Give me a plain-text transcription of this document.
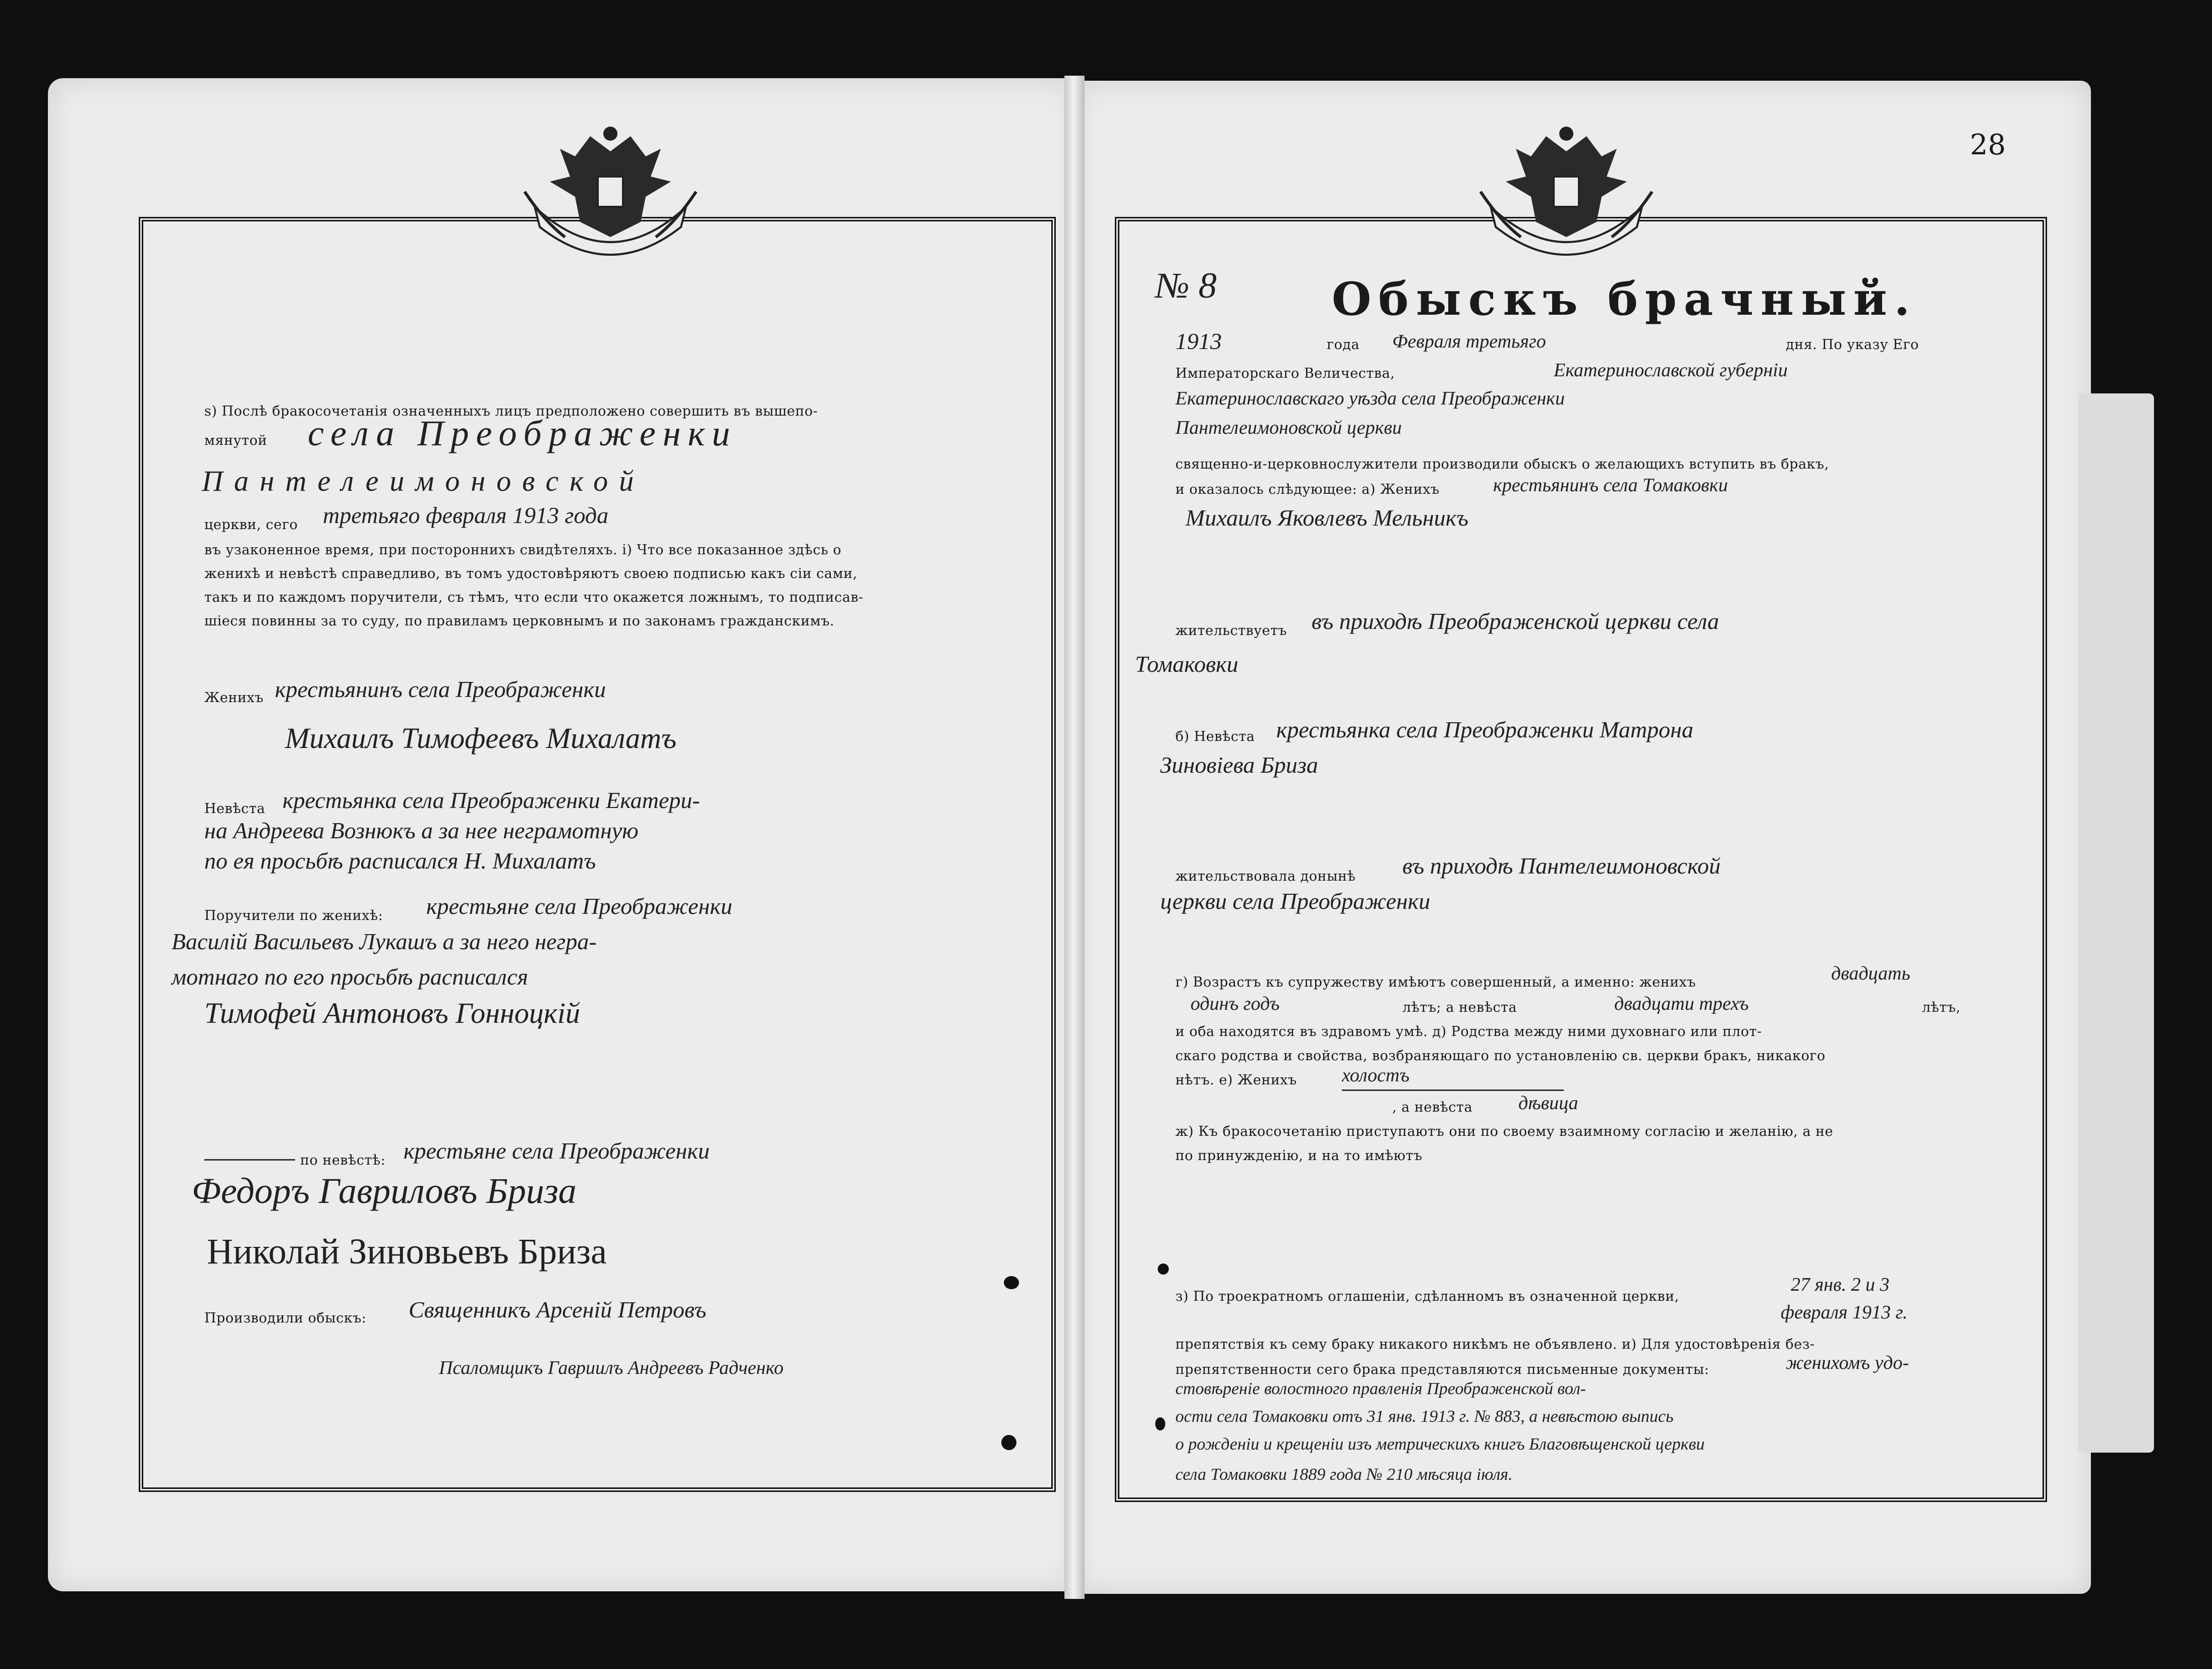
28
№ 8	Обыскъ брачный.
1913	года Февраля третьяго	дня. По указу Его
Императорскаго Величества,	Екатеринославской губерніи
Екатеринославскаго уѣзда села Преображенки
Пантелеимоновской церкви
священно-и-церковнослужители производили обыскъ о желающихъ вступить въ бракъ,
и оказалось слѣдующее: а) Женихъ	крестьянинъ села Томаковки
Михаилъ Яковлевъ Мельникъ
жительствуетъ въ приходѣ Преображенской церкви села
Томаковки
б) Невѣста крестьянка села Преображенки Матрона
Зиновіева Бриза
жительствовала донынѣ въ приходѣ Пантелеимоновской
церкви села Преображенки
г) Возрастъ къ супружеству имѣютъ совершенный, а именно: женихъ	двадцать
одинъ годъ	лѣтъ; а невѣста	двадцати трехъ	лѣтъ,
и оба находятся въ здравомъ умѣ. д) Родства между ними духовнаго или плот-
скаго родства и свойства, возбраняющаго по установленію св. церкви бракъ, никакого
нѣтъ. е) Женихъ холостъ
, а невѣста дѣвица
ж) Къ бракосочетанію приступаютъ они по своему взаимному согласію и желанію, а не
по принужденію, и на то имѣютъ
з) По троекратномъ оглашеніи, сдѣланномъ въ означенной церкви,
27 янв. 2 и 3
февраля 1913 г.
препятствія къ сему браку никакого никѣмъ не объявлено. и) Для удостовѣренія без-
препятственности сего брака представляются письменные документы:	женихомъ удо-
стовѣреніе волостного правленія Преображенской вол-
ости села Томаковки отъ 31 янв. 1913 г. № 883, а невѣстою выпись
о рожденіи и крещеніи изъ метрическихъ книгъ Благовѣщенской церкви
села Томаковки 1889 года № 210 мѣсяца іюля.
ѕ) Послѣ бракосочетанія означенныхъ лицъ предположено совершить въ вышепо-
мянутой села Преображенки
Пантелеимоновской
церкви, сего третьяго февраля 1913 года
въ узаконенное время, при постороннихъ свидѣтеляхъ. і) Что все показанное здѣсь о
женихѣ и невѣстѣ справедливо, въ томъ удостовѣряютъ своею подписью какъ сіи сами,
такъ и по каждомъ поручители, съ тѣмъ, что если что окажется ложнымъ, то подписав-
шіеся повинны за то суду, по правиламъ церковнымъ и по законамъ гражданскимъ.
Женихъ крестьянинъ села Преображенки
Михаилъ Тимофеевъ Михалатъ
Невѣста крестьянка села Преображенки Екатери-
на Андреева Вознюкъ а за нее неграмотную
по ея просьбѣ расписался Н. Михалатъ
Поручители по женихѣ: крестьяне села Преображенки
Василій Васильевъ Лукашъ а за него негра-
мотнаго по его просьбѣ расписался
Тимофей Антоновъ Гонноцкій
по невѣстѣ: крестьяне села Преображенки
Федоръ Гавриловъ Бриза
Николай Зиновьевъ Бриза
Производили обыскъ: Священникъ Арсеній Петровъ
Псаломщикъ Гавриилъ Андреевъ Радченко
